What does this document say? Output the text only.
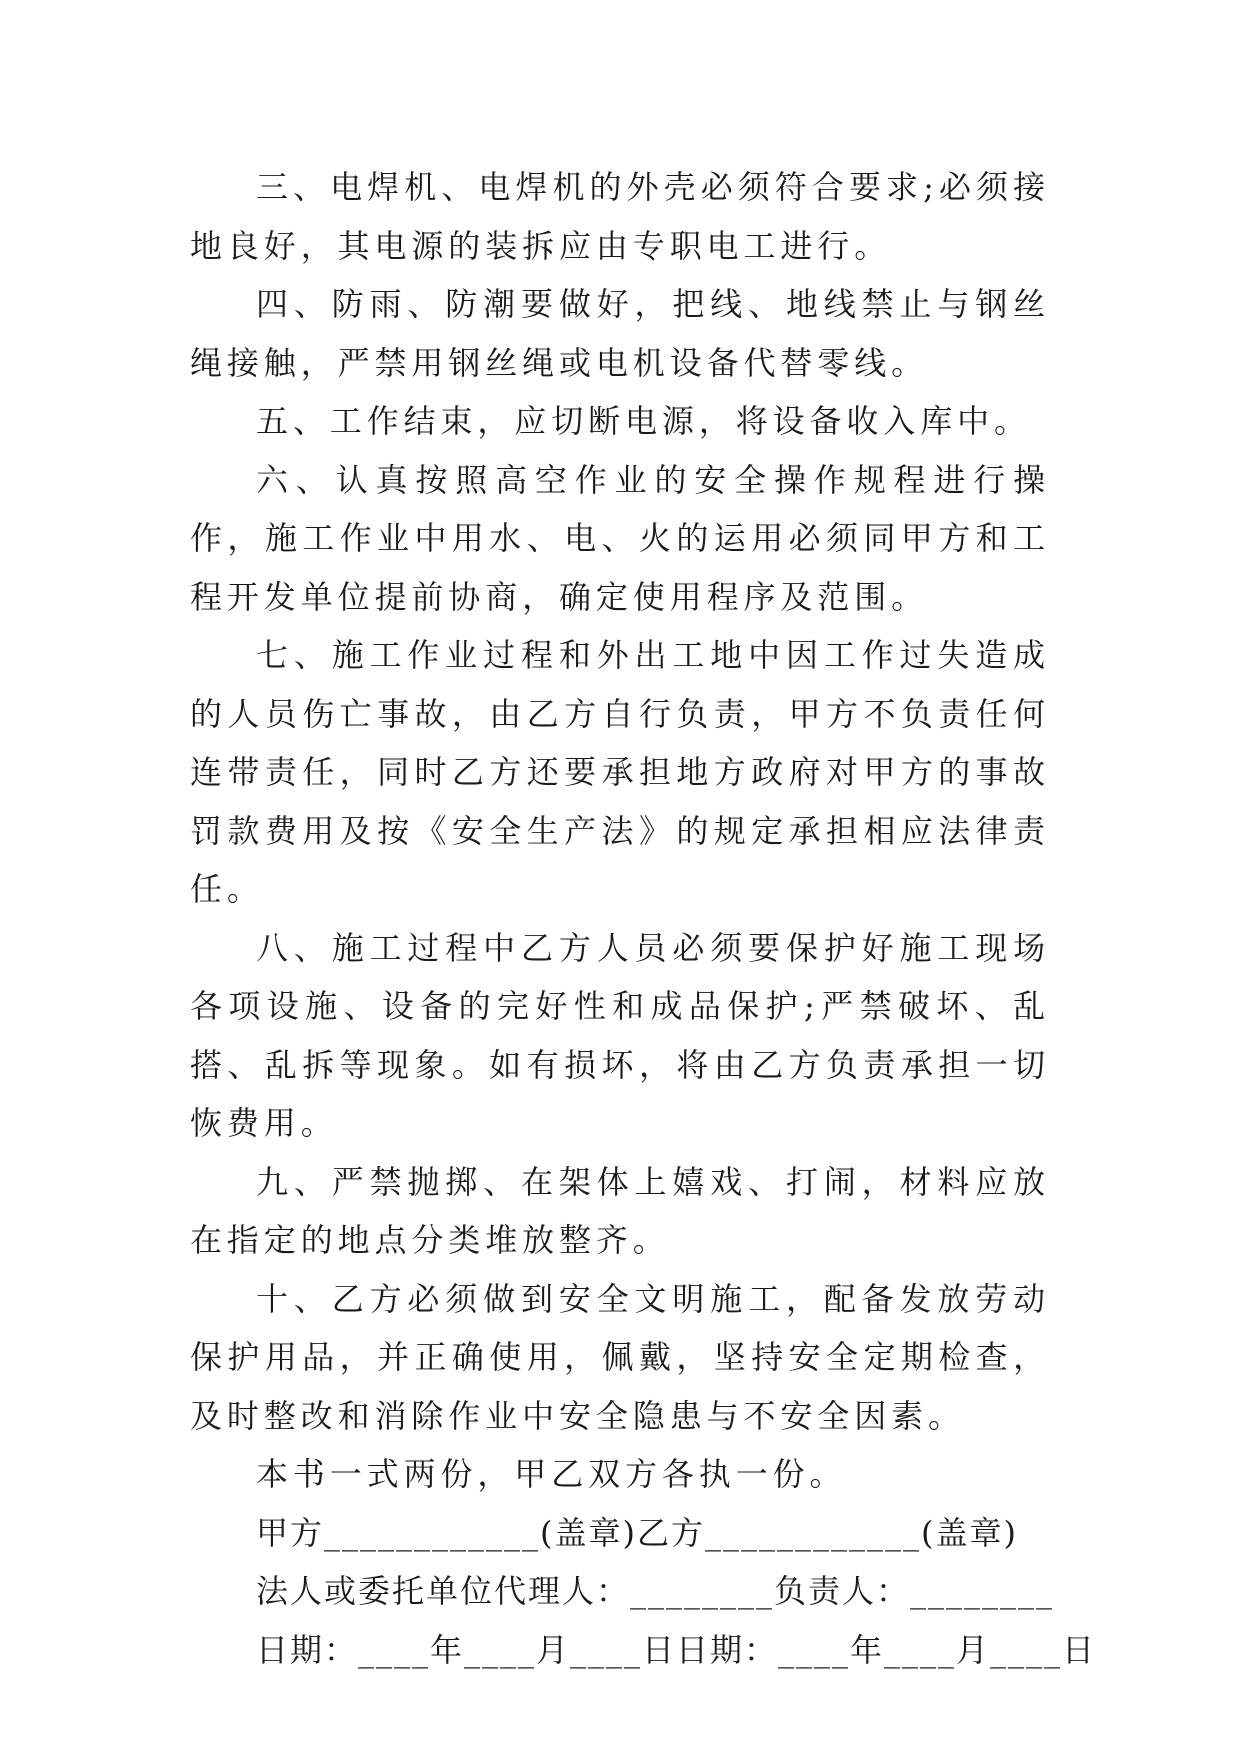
三、电焊机、电焊机的外壳必须符合要求;必须接地良好，其电源的装拆应由专职电工进行。

四、防雨、防潮要做好，把线、地线禁止与钢丝绳接触，严禁用钢丝绳或电机设备代替零线。

五、工作结束，应切断电源，将设备收入库中。

六、认真按照高空作业的安全操作规程进行操作，施工作业中用水、电、火的运用必须同甲方和工程开发单位提前协商，确定使用程序及范围。

七、施工作业过程和外出工地中因工作过失造成的人员伤亡事故，由乙方自行负责，甲方不负责任何连带责任，同时乙方还要承担地方政府对甲方的事故罚款费用及按《安全生产法》的规定承担相应法律责任。

八、施工过程中乙方人员必须要保护好施工现场各项设施、设备的完好性和成品保护;严禁破坏、乱搭、乱拆等现象。如有损坏，将由乙方负责承担一切恢费用。

九、严禁抛掷、在架体上嬉戏、打闹，材料应放在指定的地点分类堆放整齐。

十、乙方必须做到安全文明施工，配备发放劳动保护用品，并正确使用，佩戴，坚持安全定期检查，及时整改和消除作业中安全隐患与不安全因素。

本书一式两份，甲乙双方各执一份。

甲方____________(盖章)乙方____________(盖章)

法人或委托单位代理人：________负责人：________

日期：____年____月____日日期：____年____月____日
